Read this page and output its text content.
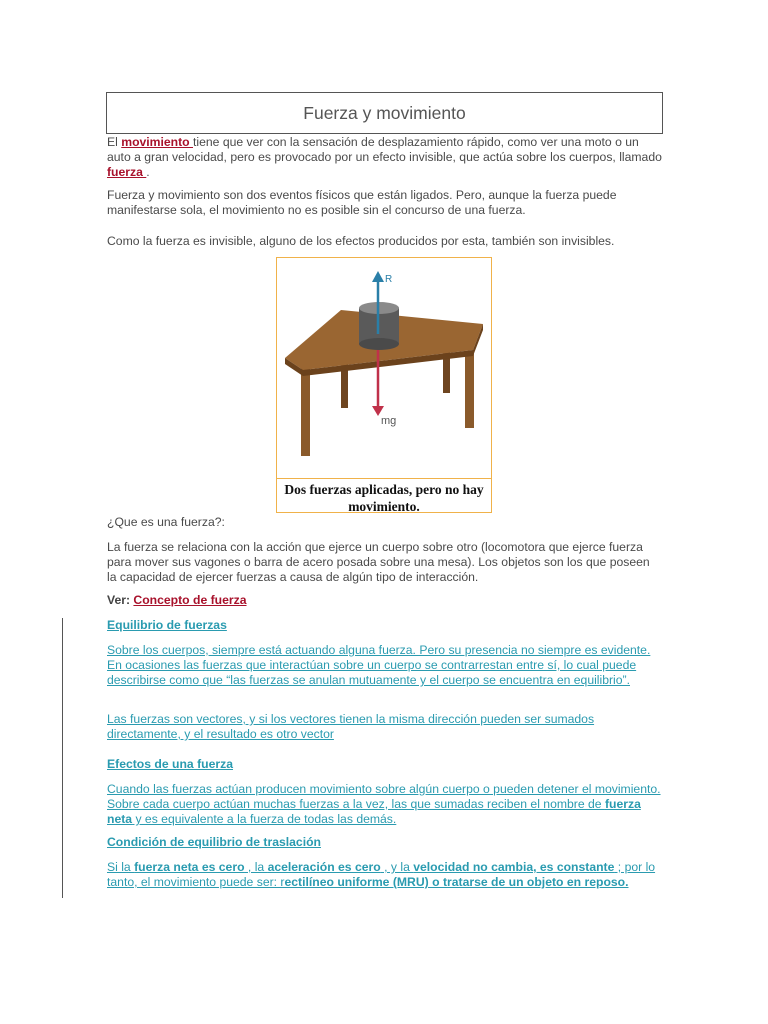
Fuerza y movimiento
El movimiento tiene que ver con la sensación de desplazamiento rápido, como ver una moto o un auto a gran velocidad, pero es provocado por un efecto invisible, que actúa sobre los cuerpos, llamado fuerza .
Fuerza y movimiento son dos eventos físicos que están ligados. Pero, aunque la fuerza puede manifestarse sola, el movimiento no es posible sin el concurso de una fuerza.
Como la fuerza es invisible, alguno de los efectos producidos por esta, también son invisibles.
R
mg
Dos fuerzas aplicadas, pero no hay movimiento.
¿Que es una fuerza?:
La fuerza se relaciona con la acción que ejerce un cuerpo sobre otro (locomotora que ejerce fuerza para mover sus vagones o barra de acero posada sobre una mesa). Los objetos son los que poseen la capacidad de ejercer fuerzas a causa de algún tipo de interacción.
Ver: Concepto de fuerza
Equilibrio de fuerzas
Sobre los cuerpos, siempre está actuando alguna fuerza. Pero su presencia no siempre es evidente. En ocasiones las fuerzas que interactúan sobre un cuerpo se contrarrestan entre sí, lo cual puede describirse como que “las fuerzas se anulan mutuamente y el cuerpo se encuentra en equilibrio”.
Las fuerzas son vectores, y si los vectores tienen la misma dirección pueden ser sumados directamente, y el resultado es otro vector
Efectos de una fuerza
Cuando las fuerzas actúan producen movimiento sobre algún cuerpo o pueden detener el movimiento. Sobre cada cuerpo actúan muchas fuerzas a la vez, las que sumadas reciben el nombre de fuerza neta y es equivalente a la fuerza de todas las demás.
Condición de equilibrio de traslación
Si la fuerza neta es cero , la aceleración es cero , y la velocidad no cambia, es constante ; por lo tanto, el movimiento puede ser: rectilíneo uniforme (MRU) o tratarse de un objeto en reposo.
